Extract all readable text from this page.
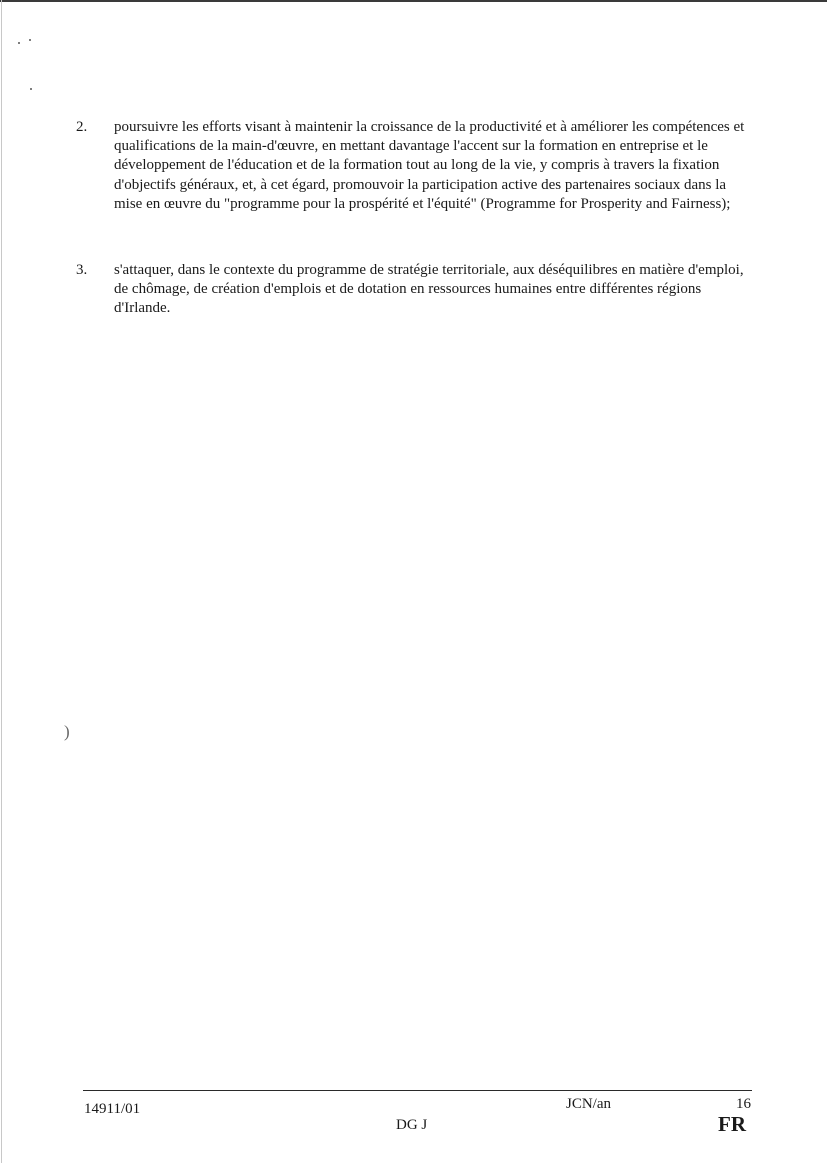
)
2. poursuivre les efforts visant à maintenir la croissance de la productivité et à améliorer les compétences et qualifications de la main-d'œuvre, en mettant davantage l'accent sur la formation en entreprise et le développement de l'éducation et de la formation tout au long de la vie, y compris à travers la fixation d'objectifs généraux, et, à cet égard, promouvoir la participation active des partenaires sociaux dans la mise en œuvre du "programme pour la prospérité et l'équité" (Programme for Prosperity and Fairness);
3. s'attaquer, dans le contexte du programme de stratégie territoriale, aux déséquilibres en matière d'emploi, de chômage, de création d'emplois et de dotation en ressources humaines entre différentes régions d'Irlande.
14911/01
DG J
JCN/an	16
FR
